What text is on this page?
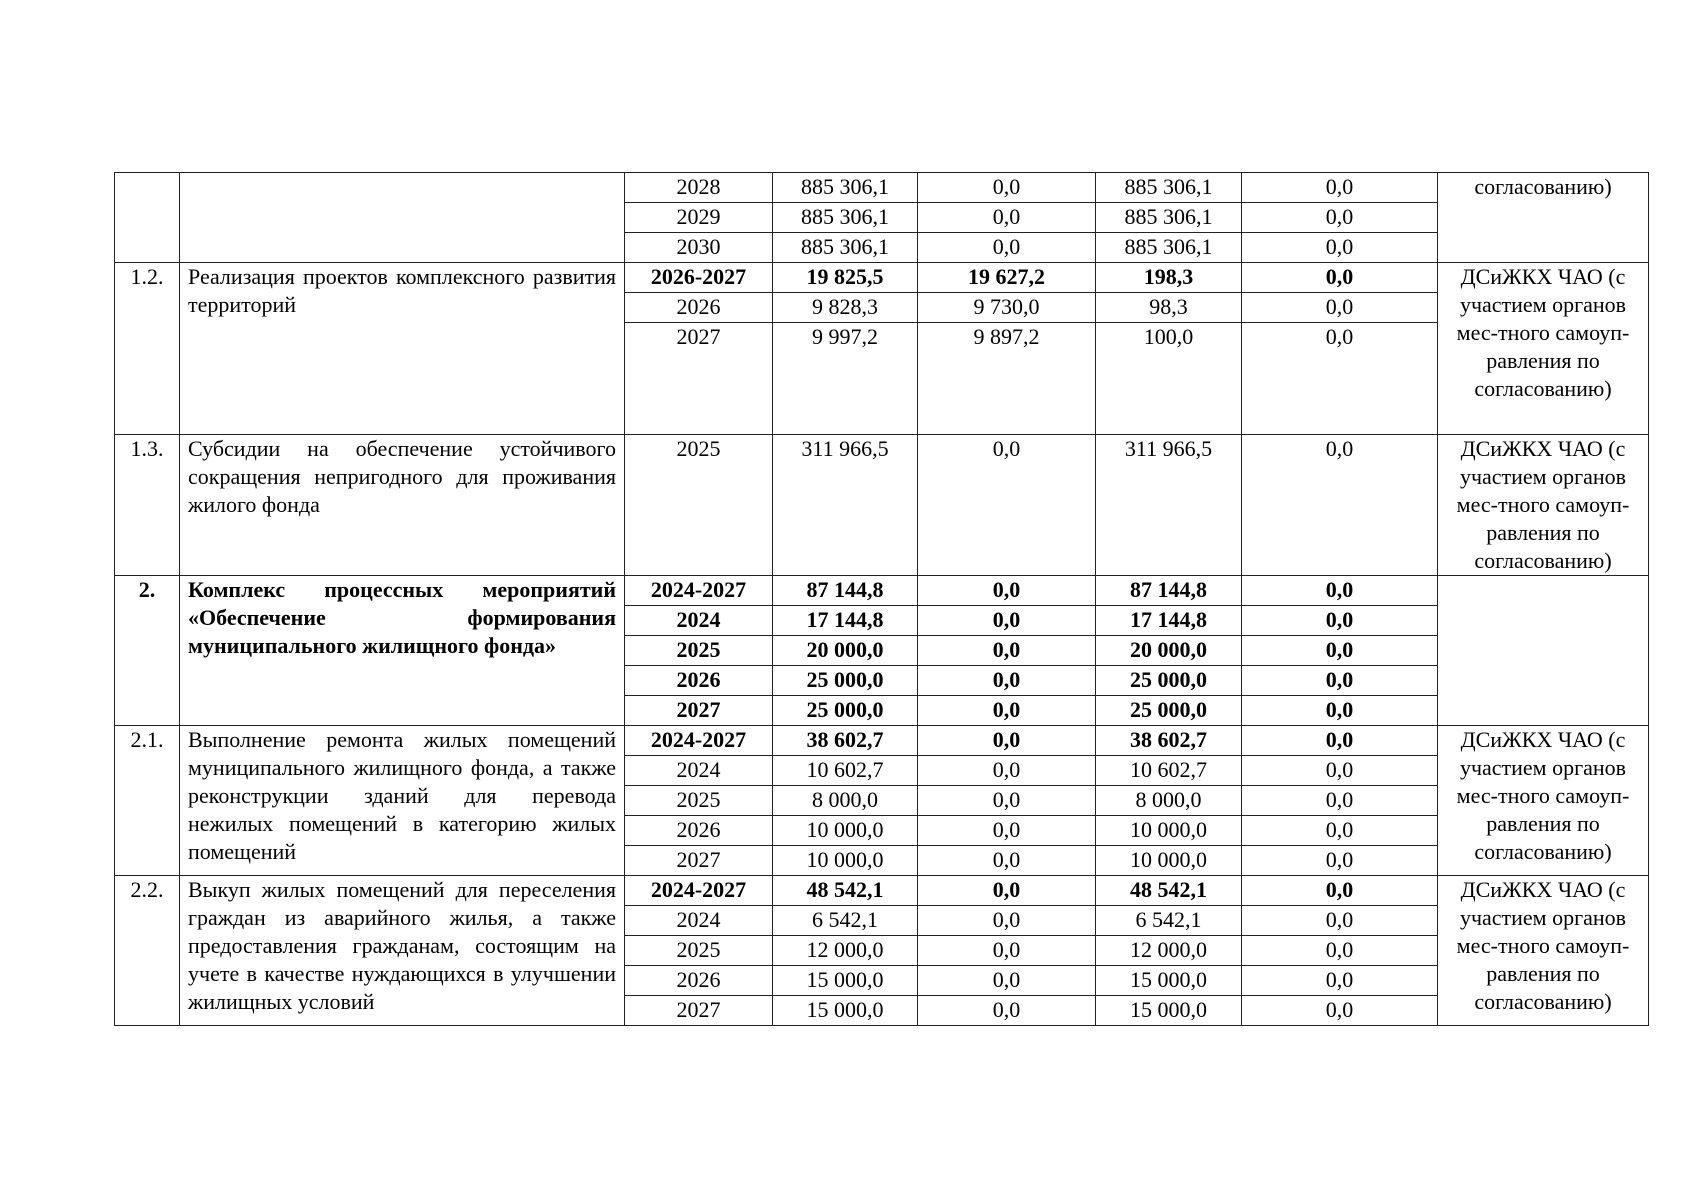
		2028	885 306,1	0,0	885 306,1	0,0	согласованию)
		2029	885 306,1	0,0	885 306,1	0,0	
		2030	885 306,1	0,0	885 306,1	0,0	
1.2.	Реализация проектов комплексного развития территорий	2026-2027	19 825,5	19 627,2	198,3	0,0	ДСиЖКХ ЧАО (с участием органов мес-тного самоуп-равления по согласованию)
		2026	9 828,3	9 730,0	98,3	0,0	
		2027	9 997,2	9 897,2	100,0	0,0	
1.3.	Субсидии на обеспечение устойчивого сокращения непригодного для проживания жилого фонда	2025	311 966,5	0,0	311 966,5	0,0	ДСиЖКХ ЧАО (с участием органов мес-тного самоуп-равления по согласованию)
2.	Комплекс процессных мероприятий «Обеспечение формирования муниципального жилищного фонда»	2024-2027	87 144,8	0,0	87 144,8	0,0	
		2024	17 144,8	0,0	17 144,8	0,0	
		2025	20 000,0	0,0	20 000,0	0,0	
		2026	25 000,0	0,0	25 000,0	0,0	
		2027	25 000,0	0,0	25 000,0	0,0	
2.1.	Выполнение ремонта жилых помещений муниципального жилищного фонда, а также реконструкции зданий для перевода нежилых помещений в категорию жилых помещений	2024-2027	38 602,7	0,0	38 602,7	0,0	ДСиЖКХ ЧАО (с участием органов мес-тного самоуп-равления по согласованию)
		2024	10 602,7	0,0	10 602,7	0,0	
		2025	8 000,0	0,0	8 000,0	0,0	
		2026	10 000,0	0,0	10 000,0	0,0	
		2027	10 000,0	0,0	10 000,0	0,0	
2.2.	Выкуп жилых помещений для переселения граждан из аварийного жилья, а также предоставления гражданам, состоящим на учете в качестве нуждающихся в улучшении жилищных условий	2024-2027	48 542,1	0,0	48 542,1	0,0	ДСиЖКХ ЧАО (с участием органов мес-тного самоуп-равления по согласованию)
		2024	6 542,1	0,0	6 542,1	0,0	
		2025	12 000,0	0,0	12 000,0	0,0	
		2026	15 000,0	0,0	15 000,0	0,0	
		2027	15 000,0	0,0	15 000,0	0,0	
